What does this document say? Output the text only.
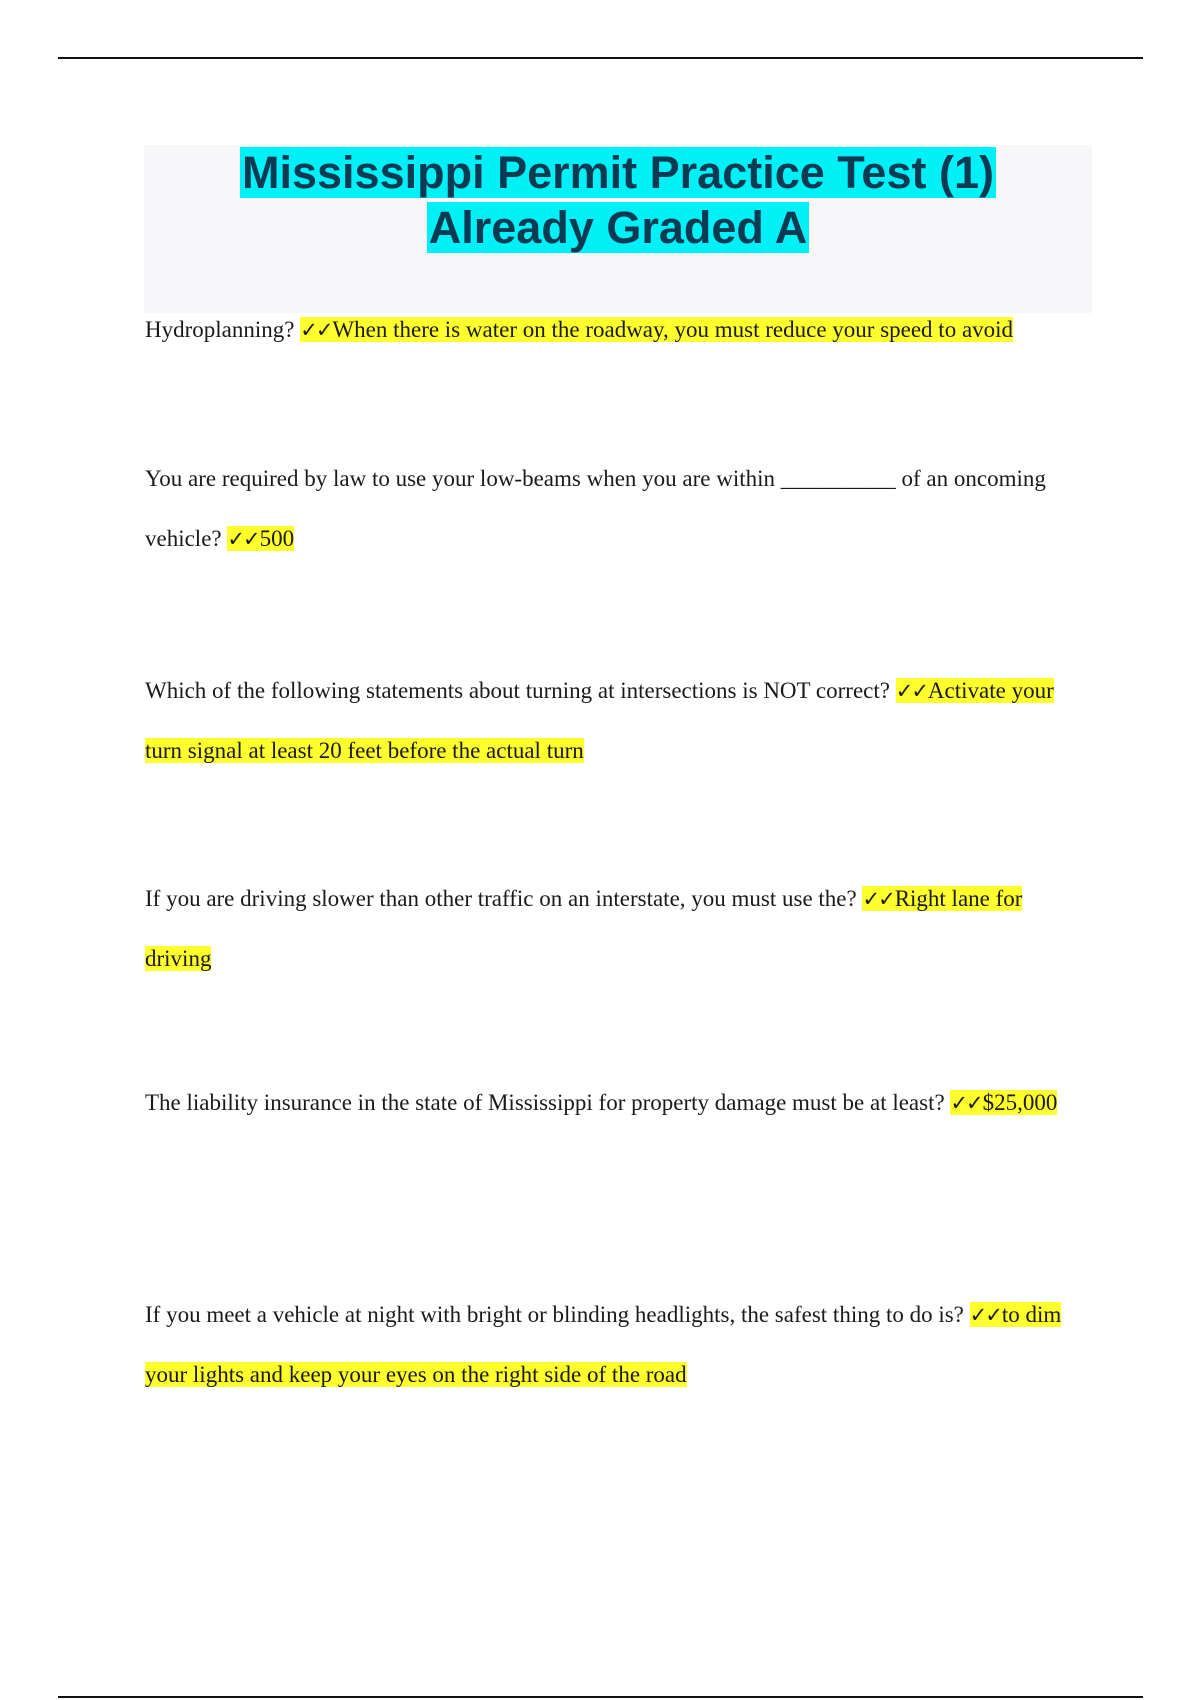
Mississippi Permit Practice Test (1)
Already Graded A

Hydroplanning? ✓✓When there is water on the roadway, you must reduce your speed to avoid

You are required by law to use your low-beams when you are within __________ of an oncoming vehicle? ✓✓500

Which of the following statements about turning at intersections is NOT correct? ✓✓Activate your turn signal at least 20 feet before the actual turn

If you are driving slower than other traffic on an interstate, you must use the? ✓✓Right lane for driving

The liability insurance in the state of Mississippi for property damage must be at least? ✓✓$25,000

If you meet a vehicle at night with bright or blinding headlights, the safest thing to do is? ✓✓to dim your lights and keep your eyes on the right side of the road
